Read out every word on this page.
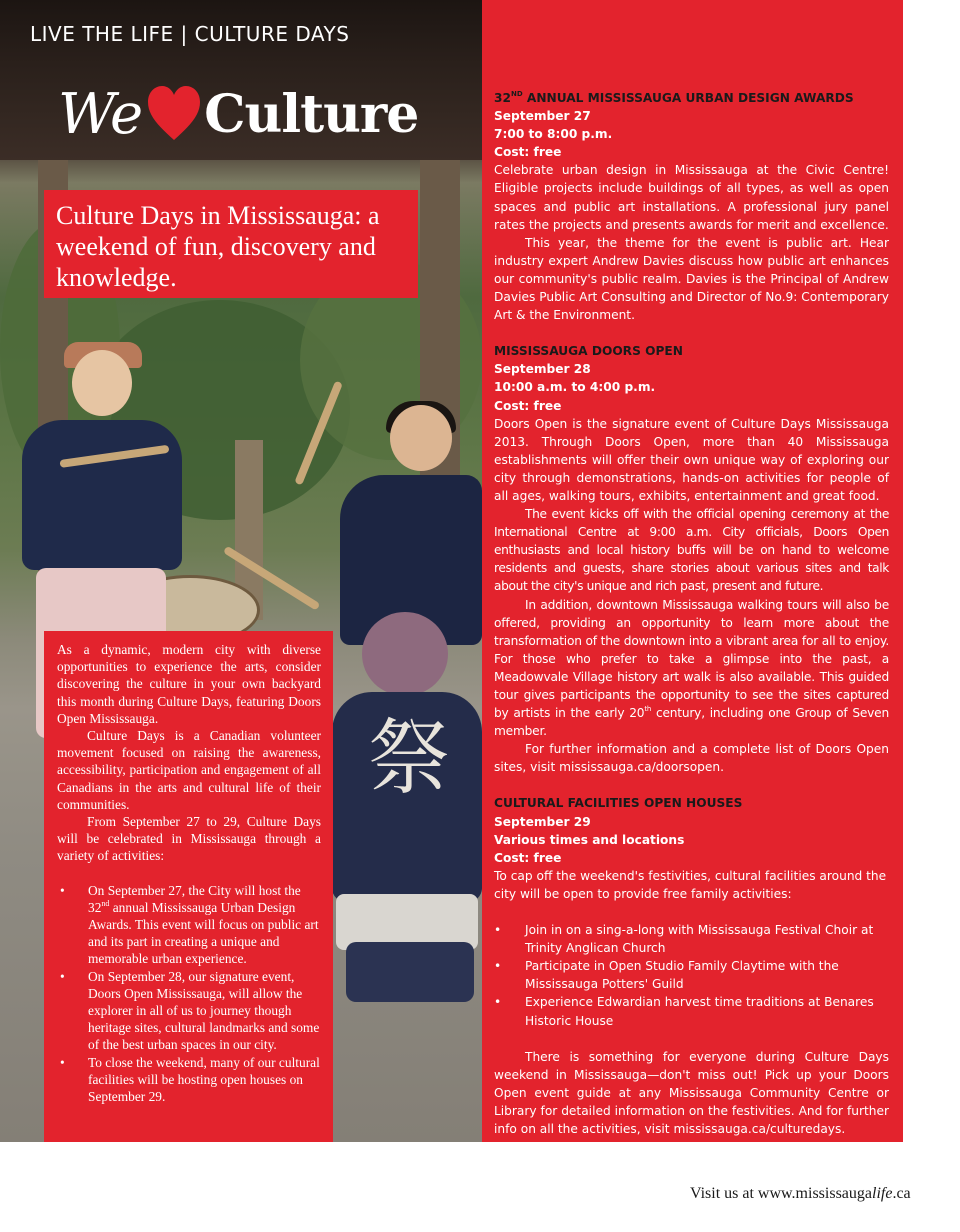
祭
LIVE THE LIFE | CULTURE DAYS
We Culture

Culture Days in Mississauga: a weekend of fun, discovery and knowledge.

As a dynamic, modern city with diverse opportunities to experience the arts, consider discovering the culture in your own backyard this month during Culture Days, featuring Doors Open Mississauga.

Culture Days is a Canadian volunteer movement focused on raising the awareness, accessibility, participation and engagement of all Canadians in the arts and cultural life of their communities.

From September 27 to 29, Culture Days will be celebrated in Mississauga through a variety of activities:

• On September 27, the City will host the 32nd annual Mississauga Urban Design Awards. This event will focus on public art and its part in creating a unique and memorable urban experience.
• On September 28, our signature event, Doors Open Mississauga, will allow the explorer in all of us to journey though heritage sites, cultural landmarks and some of the best urban spaces in our city.
• To close the weekend, many of our cultural facilities will be hosting open houses on September 29.
32ND ANNUAL MISSISSAUGA URBAN DESIGN AWARDS
September 27
7:00 to 8:00 p.m.
Cost: free

Celebrate urban design in Mississauga at the Civic Centre! Eligible projects include buildings of all types, as well as open spaces and public art installations. A professional jury panel rates the projects and presents awards for merit and excellence.

This year, the theme for the event is public art. Hear industry expert Andrew Davies discuss how public art enhances our community's public realm. Davies is the Principal of Andrew Davies Public Art Consulting and Director of No.9: Contemporary Art & the Environment.

MISSISSAUGA DOORS OPEN
September 28
10:00 a.m. to 4:00 p.m.
Cost: free

Doors Open is the signature event of Culture Days Mississauga 2013. Through Doors Open, more than 40 Mississauga establishments will offer their own unique way of exploring our city through demonstrations, hands-on activities for people of all ages, walking tours, exhibits, entertainment and great food.

The event kicks off with the official opening ceremony at the International Centre at 9:00 a.m. City officials, Doors Open enthusiasts and local history buffs will be on hand to welcome residents and guests, share stories about various sites and talk about the city's unique and rich past, present and future.

In addition, downtown Mississauga walking tours will also be offered, providing an opportunity to learn more about the transformation of the downtown into a vibrant area for all to enjoy. For those who prefer to take a glimpse into the past, a Meadowvale Village history art walk is also available. This guided tour gives participants the opportunity to see the sites captured by artists in the early 20th century, including one Group of Seven member.

For further information and a complete list of Doors Open sites, visit mississauga.ca/doorsopen.

CULTURAL FACILITIES OPEN HOUSES
September 29
Various times and locations
Cost: free

To cap off the weekend's festivities, cultural facilities around the city will be open to provide free family activities:

• Join in on a sing-a-long with Mississauga Festival Choir at Trinity Anglican Church
• Participate in Open Studio Family Claytime with the Mississauga Potters' Guild
• Experience Edwardian harvest time traditions at Benares Historic House

There is something for everyone during Culture Days weekend in Mississauga—don't miss out! Pick up your Doors Open event guide at any Mississauga Community Centre or Library for detailed information on the festivities. And for further info on all the activities, visit mississauga.ca/culturedays.

Visit us at www.mississaugalife.ca
